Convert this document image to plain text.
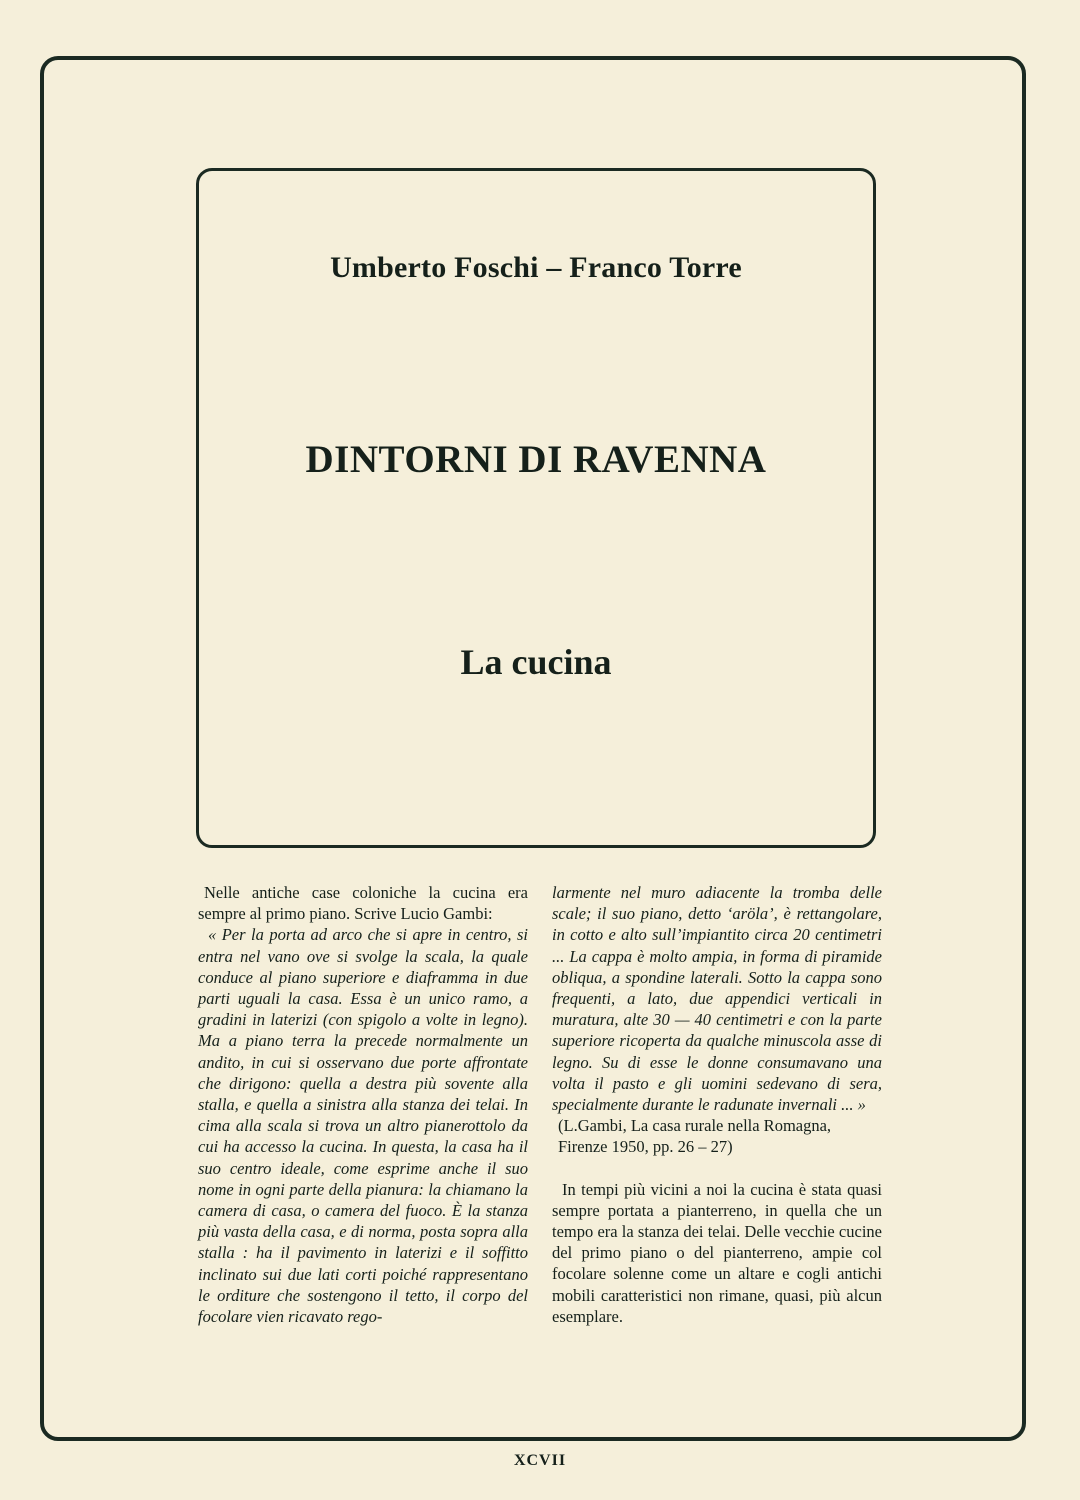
Umberto Foschi – Franco Torre
DINTORNI DI RAVENNA
La cucina

Nelle antiche case coloniche la cucina era sempre al primo piano. Scrive Lucio Gambi:

« Per la porta ad arco che si apre in centro, si entra nel vano ove si svolge la scala, la quale conduce al piano superiore e diaframma in due parti uguali la casa. Essa è un unico ramo, a gradini in laterizi (con spigolo a volte in legno). Ma a piano terra la precede normalmente un andito, in cui si osservano due porte affrontate che dirigono: quella a destra più sovente alla stalla, e quella a sinistra alla stanza dei telai. In cima alla scala si trova un altro pianerottolo da cui ha accesso la cucina. In questa, la casa ha il suo centro ideale, come esprime anche il suo nome in ogni parte della pianura: la chiamano la camera di casa, o camera del fuoco. È la stanza più vasta della casa, e di norma, posta sopra alla stalla : ha il pavimento in laterizi e il soffitto inclinato sui due lati corti poiché rappresentano le orditure che sostengono il tetto, il corpo del focolare vien ricavato rego-

larmente nel muro adiacente la tromba delle scale; il suo piano, detto ‘aröla’, è rettangolare, in cotto e alto sull’impiantito circa 20 centimetri ... La cappa è molto ampia, in forma di piramide obliqua, a spondine laterali. Sotto la cappa sono frequenti, a lato, due appendici verticali in muratura, alte 30 — 40 centimetri e con la parte superiore ricoperta da qualche minuscola asse di legno. Su di esse le donne consumavano una volta il pasto e gli uomini sedevano di sera, specialmente durante le radunate invernali ... »

(L.Gambi, La casa rurale nella Romagna, Firenze 1950, pp. 26 – 27)

In tempi più vicini a noi la cucina è stata quasi sempre portata a pianterreno, in quella che un tempo era la stanza dei telai. Delle vecchie cucine del primo piano o del pianterreno, ampie col focolare solenne come un altare e cogli antichi mobili caratteristici non rimane, quasi, più alcun esemplare.

XCVII
